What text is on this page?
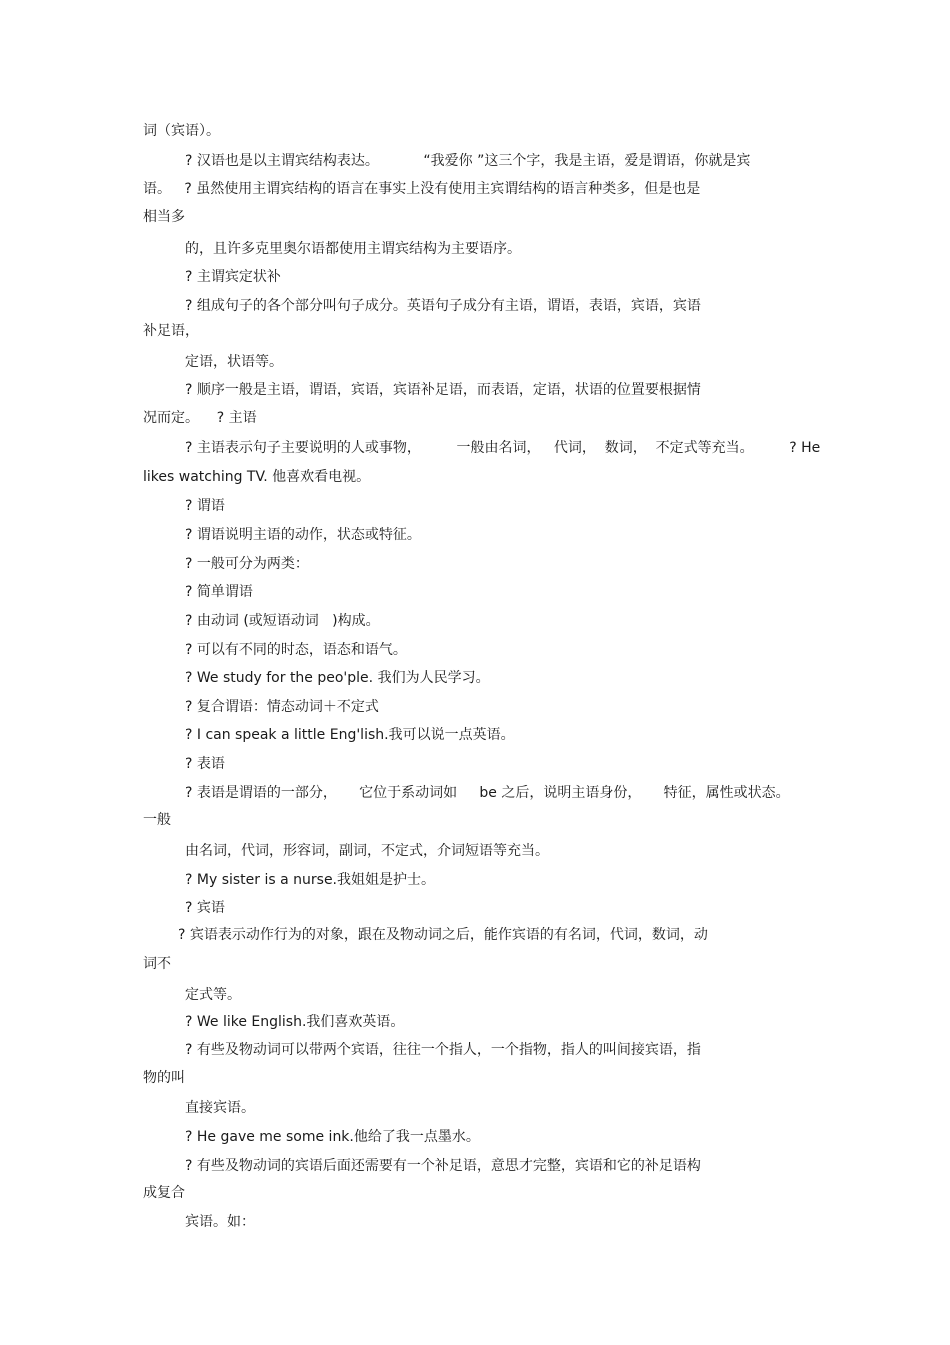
词（宾语）。
? 汉语也是以主谓宾结构表达。          “我爱你 ”这三个字，我是主语，爱是谓语，你就是宾
语。   ? 虽然使用主谓宾结构的语言在事实上没有使用主宾谓结构的语言种类多，但是也是
相当多
的，且许多克里奥尔语都使用主谓宾结构为主要语序。
? 主谓宾定状补
? 组成句子的各个部分叫句子成分。英语句子成分有主语，谓语，表语，宾语，宾语
补足语，
定语，状语等。
? 顺序一般是主语，谓语，宾语，宾语补足语，而表语，定语，状语的位置要根据情
况而定。    ? 主语
? 主语表示句子主要说明的人或事物，        一般由名词，   代词，  数词，  不定式等充当。        ? He
likes watching TV. 他喜欢看电视。
? 谓语
? 谓语说明主语的动作，状态或特征。
? 一般可分为两类：
? 简单谓语
? 由动词 (或短语动词   )构成。
? 可以有不同的时态，语态和语气。
? We study for the peo'ple. 我们为人民学习。
? 复合谓语：情态动词＋不定式
? I can speak a little Eng'lish.我可以说一点英语。
? 表语
? 表语是谓语的一部分，     它位于系动词如     be 之后，说明主语身份，     特征，属性或状态。
一般
由名词，代词，形容词，副词，不定式，介词短语等充当。
? My sister is a nurse.我姐姐是护士。
? 宾语
? 宾语表示动作行为的对象，跟在及物动词之后，能作宾语的有名词，代词，数词，动
词不
定式等。
? We like English.我们喜欢英语。
? 有些及物动词可以带两个宾语，往往一个指人，一个指物，指人的叫间接宾语，指
物的叫
直接宾语。
? He gave me some ink.他给了我一点墨水。
? 有些及物动词的宾语后面还需要有一个补足语，意思才完整，宾语和它的补足语构
成复合
宾语。如：
